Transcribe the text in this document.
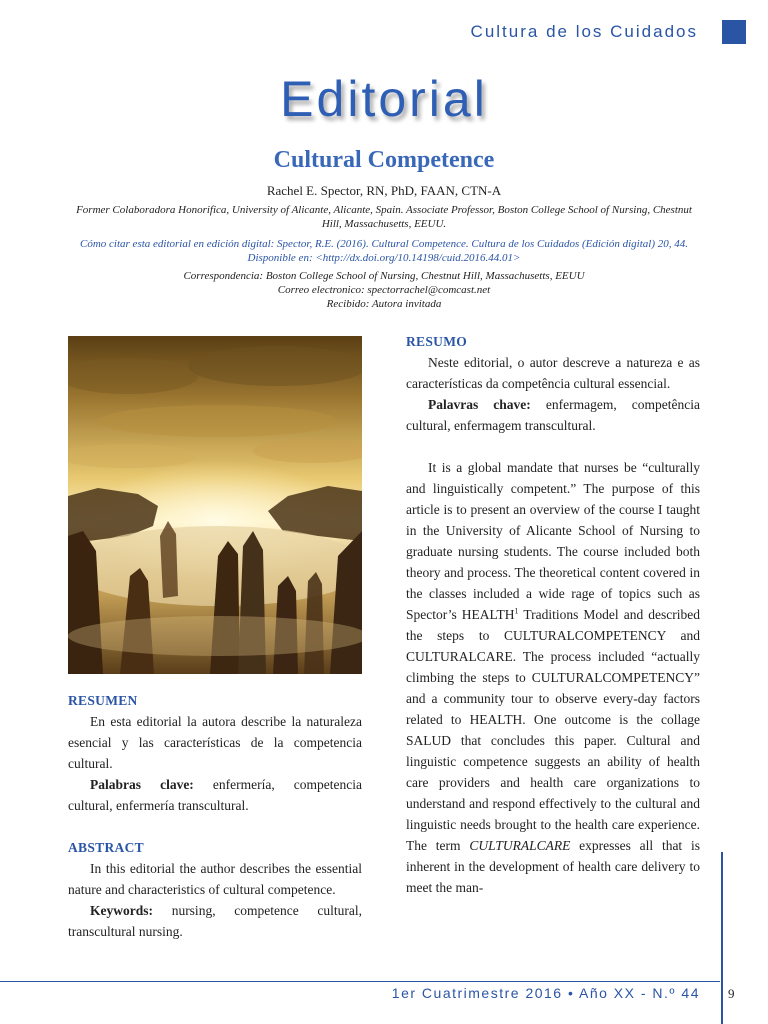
Cultura de los Cuidados
Editorial
Cultural Competence
Rachel E. Spector, RN, PhD, FAAN, CTN-A
Former Colaboradora Honorifica, University of Alicante, Alicante, Spain. Associate Professor, Boston College School of Nursing, Chestnut Hill, Massachusetts, EEUU.
Cómo citar esta editorial en edición digital: Spector, R.E. (2016). Cultural Competence. Cultura de los Cuidados (Edición digital) 20, 44. Disponible en: <http://dx.doi.org/10.14198/cuid.2016.44.01>
Correspondencia: Boston College School of Nursing, Chestnut Hill, Massachusetts, EEUU
Correo electronico: spectorrachel@comcast.net
Recibido: Autora invitada

RESUMEN

En esta editorial la autora describe la naturaleza esencial y las características de la competencia cultural.

Palabras clave: enfermería, competencia cultural, enfermería transcultural.

ABSTRACT

In this editorial the author describes the essential nature and characteristics of cultural competence.

Keywords: nursing, competence cultural, transcultural nursing.

RESUMO

Neste editorial, o autor descreve a natureza e as características da competência cultural essencial.

Palavras chave: enfermagem, competência cultural, enfermagem transcultural.

It is a global mandate that nurses be “culturally and linguistically competent.” The purpose of this article is to present an overview of the course I taught in the University of Alicante School of Nursing to graduate nursing students. The course included both theory and process. The theoretical content covered in the classes included a wide rage of topics such as Spector’s HEALTH$^1$ Traditions Model and described the steps to CULTURALCOMPETENCY and CULTURALCARE. The process included “actually climbing the steps to CULTURALCOMPETENCY” and a community tour to observe every-day factors related to HEALTH. One outcome is the collage SALUD that concludes this paper. Cultural and linguistic competence suggests an ability of health care providers and health care organizations to understand and respond effectively to the cultural and linguistic needs brought to the health care experience. The term CULTURALCARE expresses all that is inherent in the development of health care delivery to meet the man-

1er Cuatrimestre 2016 • Año XX - N.º 44 9
